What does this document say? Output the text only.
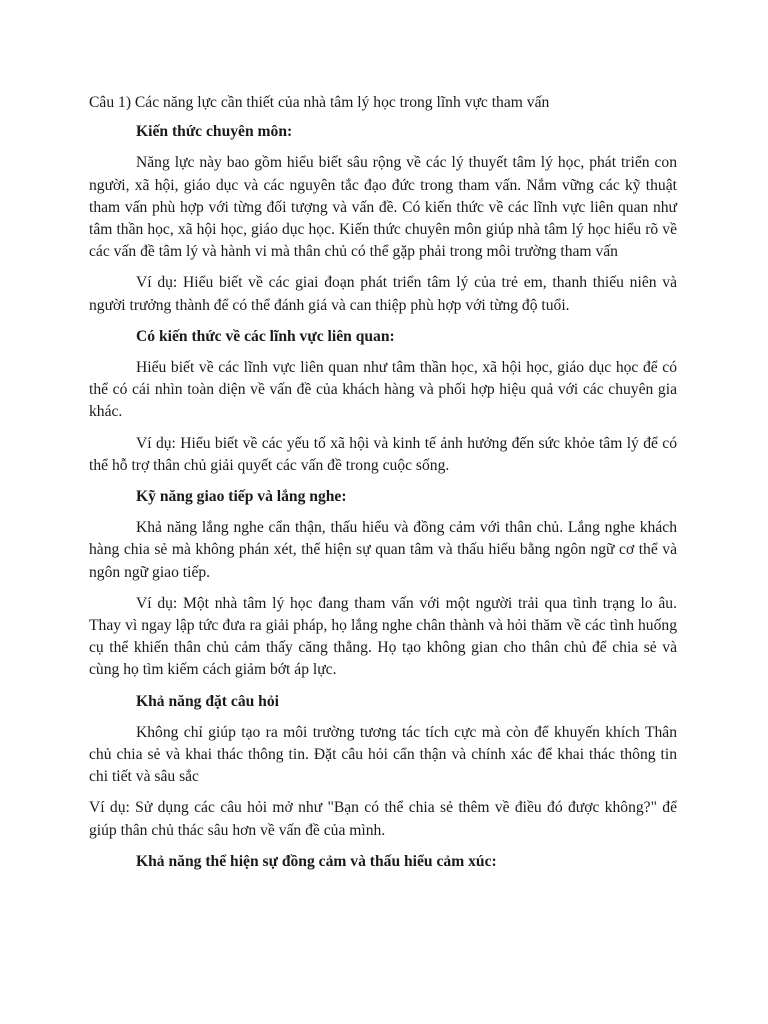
Câu 1) Các năng lực cần thiết của nhà tâm lý học trong lĩnh vực tham vấn

Kiến thức chuyên môn:

Năng lực này bao gồm hiểu biết sâu rộng về các lý thuyết tâm lý học, phát triển con người, xã hội, giáo dục và các nguyên tắc đạo đức trong tham vấn. Nắm vững các kỹ thuật tham vấn phù hợp với từng đối tượng và vấn đề. Có kiến thức về các lĩnh vực liên quan như tâm thần học, xã hội học, giáo dục học. Kiến thức chuyên môn giúp nhà tâm lý học hiểu rõ về các vấn đề tâm lý và hành vi mà thân chủ có thể gặp phải trong môi trường tham vấn

Ví dụ: Hiểu biết về các giai đoạn phát triển tâm lý của trẻ em, thanh thiếu niên và người trưởng thành để có thể đánh giá và can thiệp phù hợp với từng độ tuổi.

Có kiến thức về các lĩnh vực liên quan:

Hiểu biết về các lĩnh vực liên quan như tâm thần học, xã hội học, giáo dục học để có thể có cái nhìn toàn diện về vấn đề của khách hàng và phối hợp hiệu quả với các chuyên gia khác.

Ví dụ: Hiểu biết về các yếu tố xã hội và kinh tế ảnh hưởng đến sức khỏe tâm lý để có thể hỗ trợ thân chủ giải quyết các vấn đề trong cuộc sống.

Kỹ năng giao tiếp và lắng nghe:

Khả năng lắng nghe cẩn thận, thấu hiểu và đồng cảm với thân chủ. Lắng nghe khách hàng chia sẻ mà không phán xét, thể hiện sự quan tâm và thấu hiểu bằng ngôn ngữ cơ thể và ngôn ngữ giao tiếp.

Ví dụ: Một nhà tâm lý học đang tham vấn với một người trải qua tình trạng lo âu. Thay vì ngay lập tức đưa ra giải pháp, họ lắng nghe chân thành và hỏi thăm về các tình huống cụ thể khiến thân chủ cảm thấy căng thẳng. Họ tạo không gian cho thân chủ để chia sẻ và cùng họ tìm kiếm cách giảm bớt áp lực.

Khả năng đặt câu hỏi

Không chỉ giúp tạo ra môi trường tương tác tích cực mà còn để khuyến khích Thân chủ chia sẻ và khai thác thông tin. Đặt câu hỏi cẩn thận và chính xác để khai thác thông tin chi tiết và sâu sắc

Ví dụ: Sử dụng các câu hỏi mở như "Bạn có thể chia sẻ thêm về điều đó được không?" để giúp thân chủ thác sâu hơn về vấn đề của mình.

Khả năng thể hiện sự đồng cảm và thấu hiểu cảm xúc:
